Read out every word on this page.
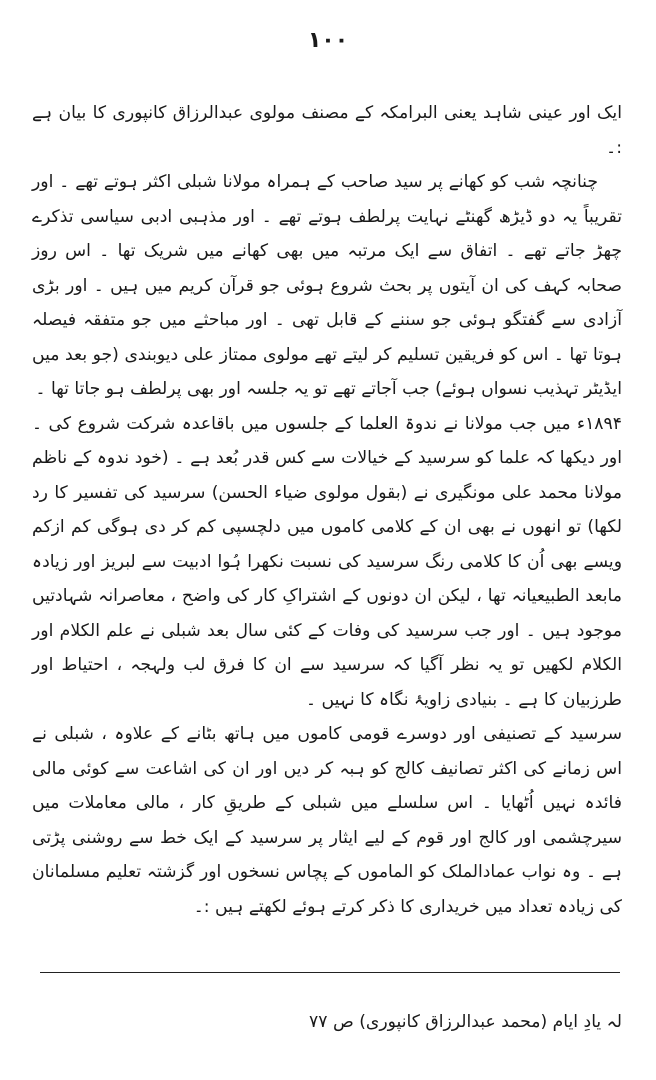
۱۰۰

ایک اور عینی شاہد یعنی البرامکہ کے مصنف مولوی عبدالرزاق کانپوری کا بیان ہے :۔

چنانچہ شب کو کھانے پر سید صاحب کے ہمراہ مولانا شبلی اکثر ہوتے تھے ۔ اور تقریباً یہ دو ڈیڑھ گھنٹے نہایت پرلطف ہوتے تھے ۔ اور مذہبی ادبی سیاسی تذکرے چھڑ جاتے تھے ۔ اتفاق سے ایک مرتبہ میں بھی کھانے میں شریک تھا ۔ اس روز صحابہ کہف کی ان آیتوں پر بحث شروع ہوئی جو قرآن کریم میں ہیں ۔ اور بڑی آزادی سے گفتگو ہوئی جو سننے کے قابل تھی ۔ اور مباحثے میں جو متفقہ فیصلہ ہوتا تھا ۔ اس کو فریقین تسلیم کر لیتے تھے مولوی ممتاز علی دیوبندی (جو بعد میں ایڈیٹر تہذیب نسواں ہوئے) جب آجاتے تھے تو یہ جلسہ اور بھی پرلطف ہو جاتا تھا ۔

۱۸۹۴ء میں جب مولانا نے ندوۃ العلما کے جلسوں میں باقاعدہ شرکت شروع کی ۔ اور دیکھا کہ علما کو سرسید کے خیالات سے کس قدر بُعد ہے ۔ (خود ندوہ کے ناظم مولانا محمد علی مونگیری نے (بقول مولوی ضیاء الحسن) سرسید کی تفسیر کا رد لکھا) تو انھوں نے بھی ان کے کلامی کاموں میں دلچسپی کم کر دی ہوگی کم ازکم ویسے بھی اُن کا کلامی رنگ سرسید کی نسبت نکھرا ہُوا ادبیت سے لبریز اور زیادہ مابعد الطبیعیانہ تھا ، لیکن ان دونوں کے اشتراکِ کار کی واضح ، معاصرانہ شہادتیں موجود ہیں ۔ اور جب سرسید کی وفات کے کئی سال بعد شبلی نے علم الکلام اور الکلام لکھیں تو یہ نظر آگیا کہ سرسید سے ان کا فرق لب ولہجہ ، احتیاط اور طرزبیان کا ہے ۔ بنیادی زاویۂ نگاہ کا نہیں ۔

سرسید کے تصنیفی اور دوسرے قومی کاموں میں ہاتھ بٹانے کے علاوہ ، شبلی نے اس زمانے کی اکثر تصانیف کالج کو ہبہ کر دیں اور ان کی اشاعت سے کوئی مالی فائدہ نہیں اُٹھایا ۔ اس سلسلے میں شبلی کے طریقِ کار ، مالی معاملات میں سیرچشمی اور کالج اور قوم کے لیے ایثار پر سرسید کے ایک خط سے روشنی پڑتی ہے ۔ وہ نواب عمادالملک کو الماموں کے پچاس نسخوں اور گزشتہ تعلیم مسلمانان کی زیادہ تعداد میں خریداری کا ذکر کرتے ہوئے لکھتے ہیں :۔

لہ یادِ ایام (محمد عبدالرزاق کانپوری) ص ۷۷
